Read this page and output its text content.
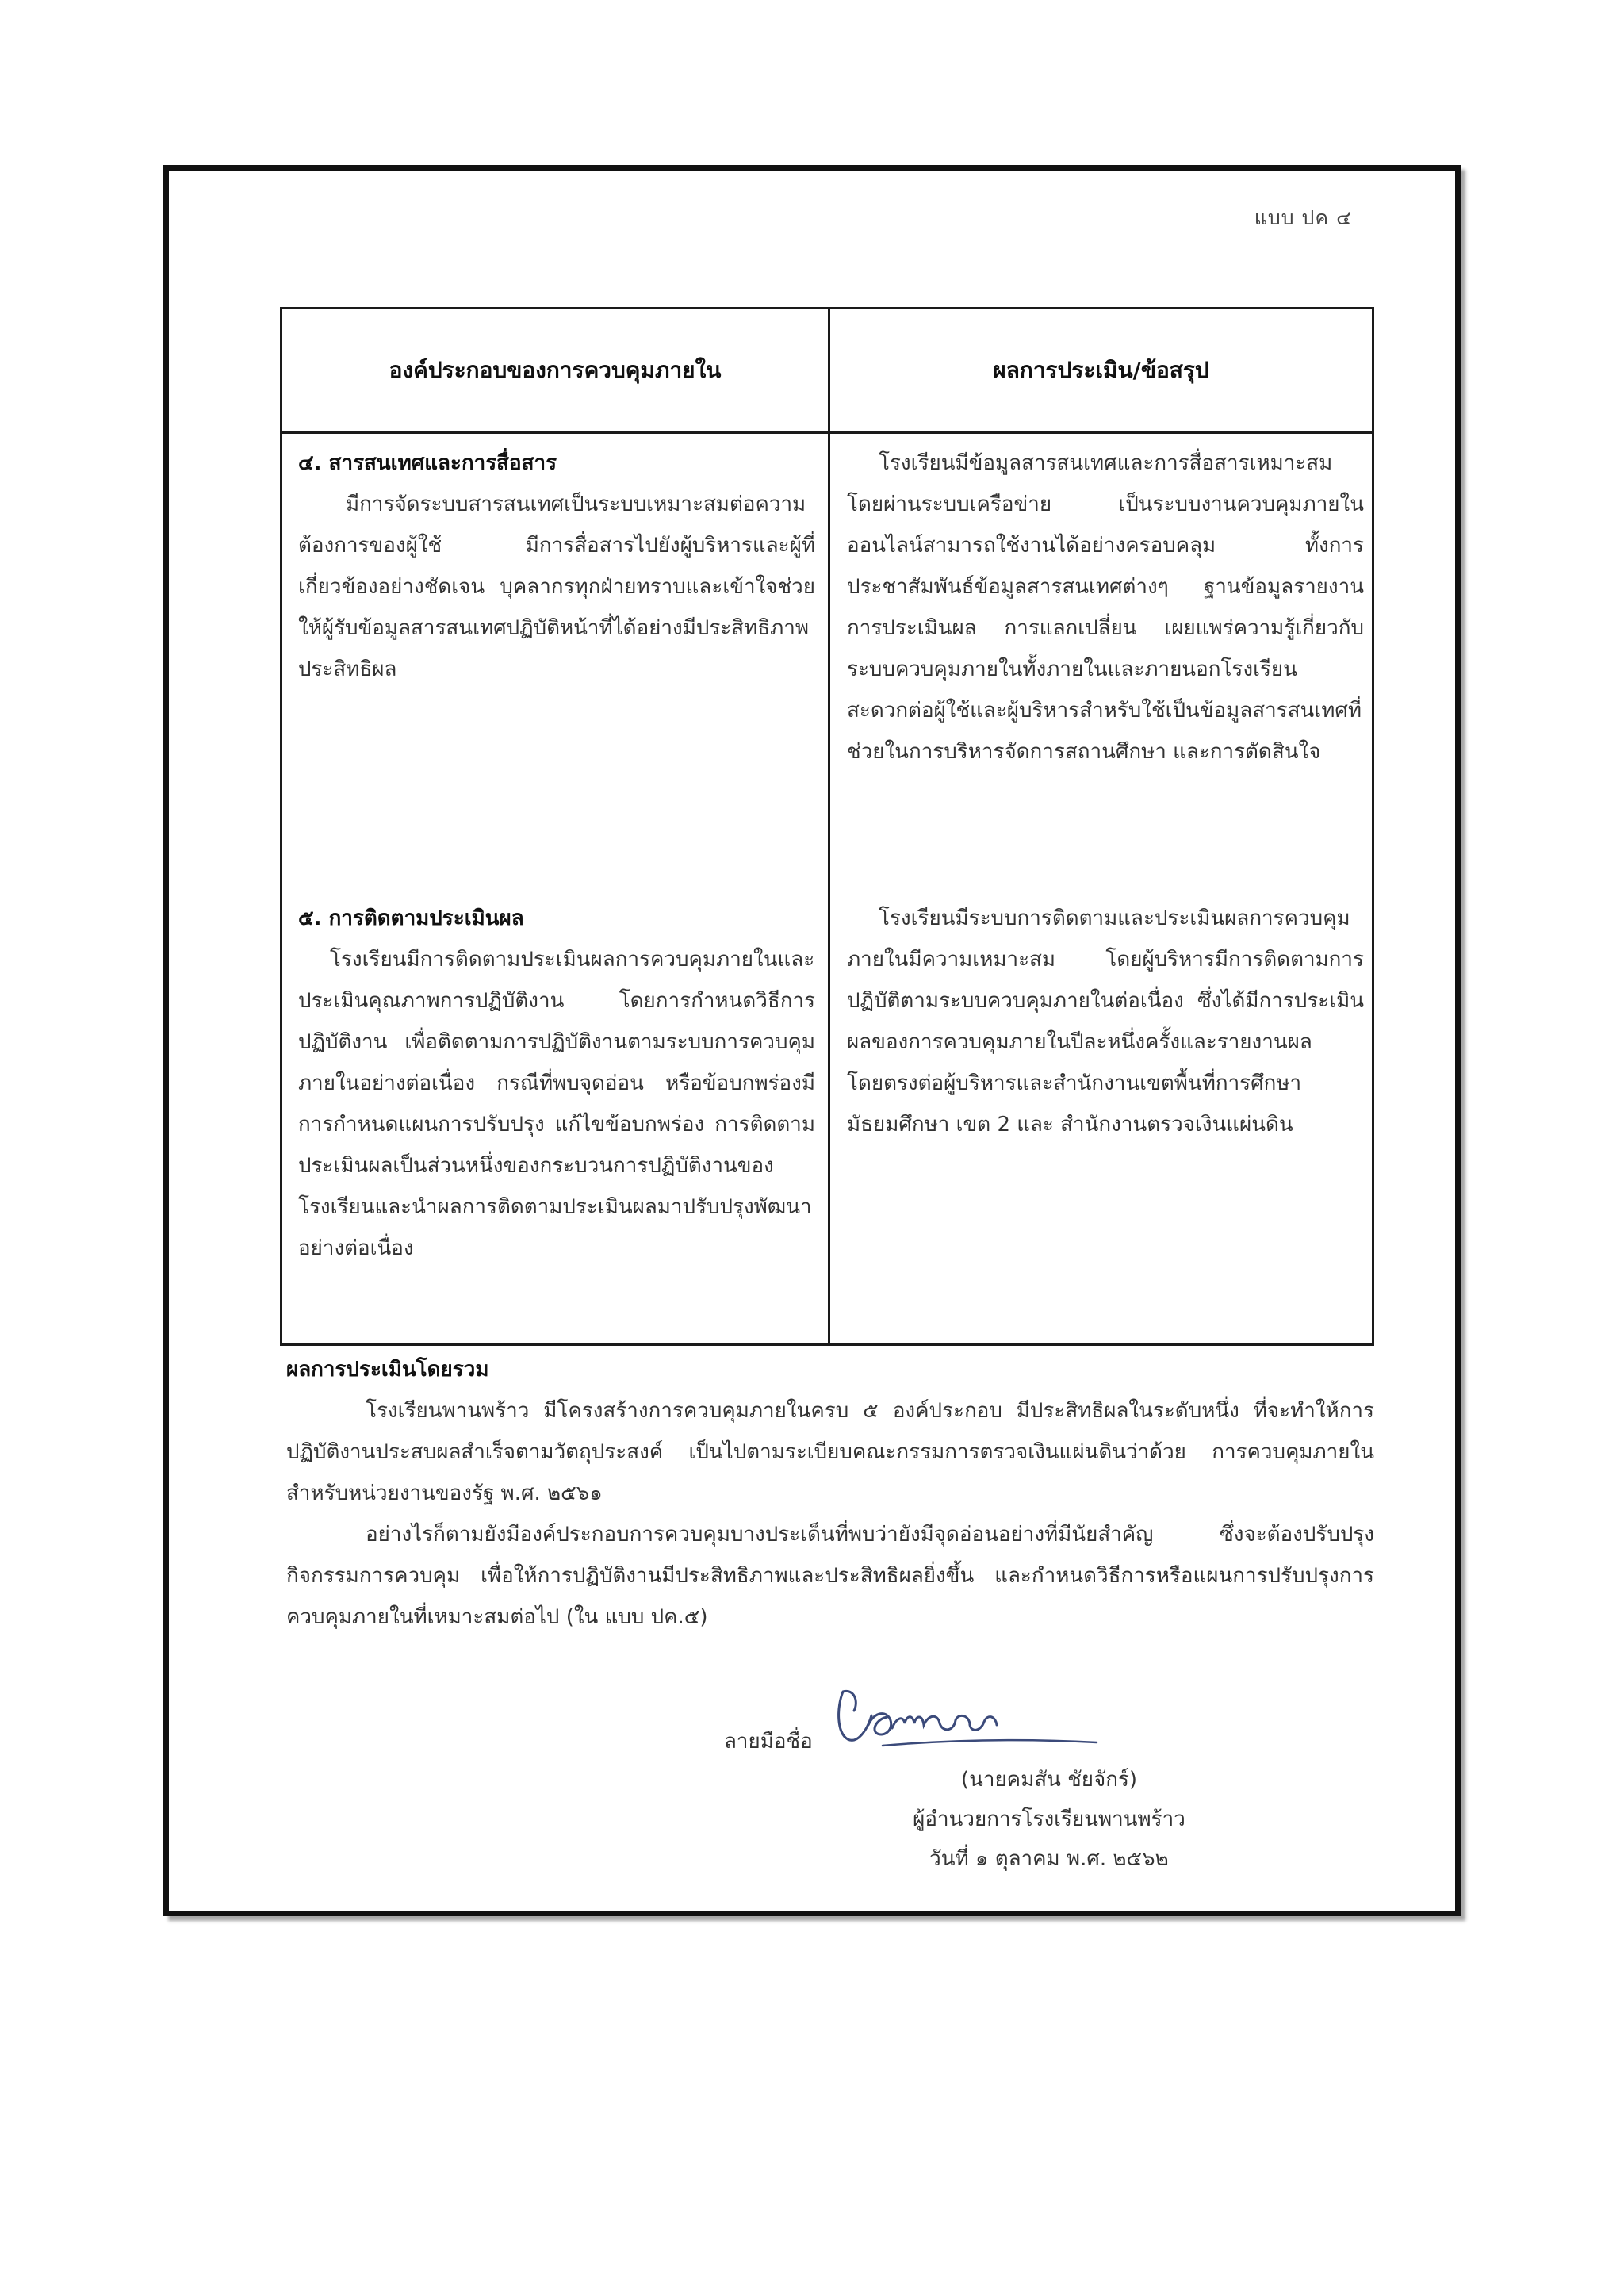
แบบ ปค ๔
องค์ประกอบของการควบคุมภายใน	ผลการประเมิน/ข้อสรุป

๔. สารสนเทศและการสื่อสาร

มีการจัดระบบสารสนเทศเป็นระบบเหมาะสมต่อความต้องการของผู้ใช้ มีการสื่อสารไปยังผู้บริหารและผู้ที่เกี่ยวข้องอย่างชัดเจน บุคลากรทุกฝ่ายทราบและเข้าใจช่วยให้ผู้รับข้อมูลสารสนเทศปฏิบัติหน้าที่ได้อย่างมีประสิทธิภาพประสิทธิผล

โรงเรียนมีข้อมูลสารสนเทศและการสื่อสารเหมาะสม โดยผ่านระบบเครือข่าย เป็นระบบงานควบคุมภายในออนไลน์สามารถใช้งานได้อย่างครอบคลุม ทั้งการประชาสัมพันธ์ข้อมูลสารสนเทศต่างๆ ฐานข้อมูลรายงานการประเมินผล การแลกเปลี่ยน เผยแพร่ความรู้เกี่ยวกับระบบควบคุมภายในทั้งภายในและภายนอกโรงเรียน สะดวกต่อผู้ใช้และผู้บริหารสำหรับใช้เป็นข้อมูลสารสนเทศที่ช่วยในการบริหารจัดการสถานศึกษา และการตัดสินใจ

๕. การติดตามประเมินผล

โรงเรียนมีการติดตามประเมินผลการควบคุมภายในและประเมินคุณภาพการปฏิบัติงาน โดยการกำหนดวิธีการปฏิบัติงาน เพื่อติดตามการปฏิบัติงานตามระบบการควบคุมภายในอย่างต่อเนื่อง กรณีที่พบจุดอ่อน หรือข้อบกพร่องมีการกำหนดแผนการปรับปรุง แก้ไขข้อบกพร่อง การติดตามประเมินผลเป็นส่วนหนึ่งของกระบวนการปฏิบัติงานของโรงเรียนและนำผลการติดตามประเมินผลมาปรับปรุงพัฒนาอย่างต่อเนื่อง

โรงเรียนมีระบบการติดตามและประเมินผลการควบคุมภายในมีความเหมาะสม โดยผู้บริหารมีการติดตามการปฏิบัติตามระบบควบคุมภายในต่อเนื่อง ซึ่งได้มีการประเมินผลของการควบคุมภายในปีละหนึ่งครั้งและรายงานผลโดยตรงต่อผู้บริหารและสำนักงานเขตพื้นที่การศึกษามัธยมศึกษา เขต 2 และ สำนักงานตรวจเงินแผ่นดิน

ผลการประเมินโดยรวม

โรงเรียนพานพร้าว มีโครงสร้างการควบคุมภายในครบ ๕ องค์ประกอบ มีประสิทธิผลในระดับหนึ่ง ที่จะทำให้การปฏิบัติงานประสบผลสำเร็จตามวัตถุประสงค์ เป็นไปตามระเบียบคณะกรรมการตรวจเงินแผ่นดินว่าด้วย การควบคุมภายในสำหรับหน่วยงานของรัฐ พ.ศ. ๒๕๖๑

อย่างไรก็ตามยังมีองค์ประกอบการควบคุมบางประเด็นที่พบว่ายังมีจุดอ่อนอย่างที่มีนัยสำคัญ ซึ่งจะต้องปรับปรุงกิจกรรมการควบคุม เพื่อให้การปฏิบัติงานมีประสิทธิภาพและประสิทธิผลยิ่งขึ้น และกำหนดวิธีการหรือแผนการปรับปรุงการควบคุมภายในที่เหมาะสมต่อไป (ใน แบบ ปค.๕)

ลายมือชื่อ
(นายคมสัน ชัยจักร์)
ผู้อำนวยการโรงเรียนพานพร้าว
วันที่ ๑ ตุลาคม พ.ศ. ๒๕๖๒
